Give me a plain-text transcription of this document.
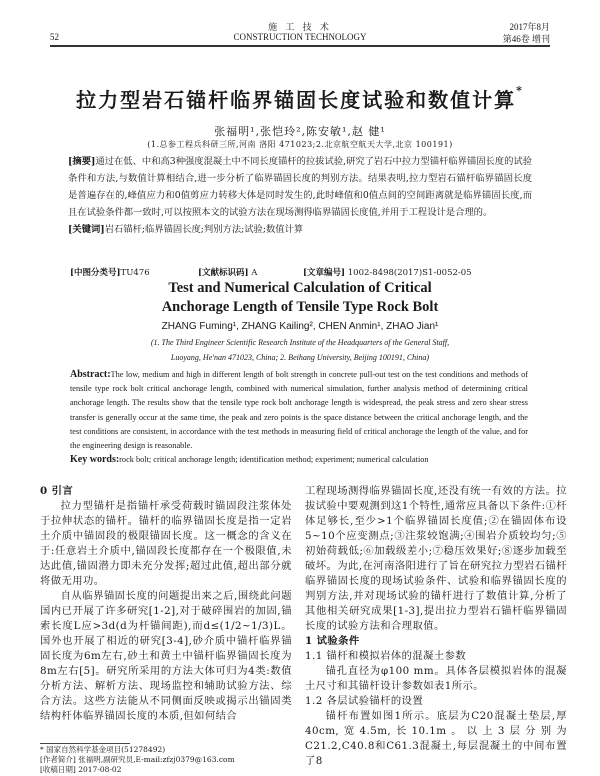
52
施 工 技 术
CONSTRUCTION TECHNOLOGY
2017年8月
第46卷 增刊
拉力型岩石锚杆临界锚固长度试验和数值计算*
张福明¹,张恺玲²,陈安敏¹,赵 健¹
(1.总参工程兵科研三所,河南 洛阳 471023;2.北京航空航天大学,北京 100191)
[摘要]通过在低、中和高3种强度混凝土中不同长度锚杆的拉拔试验,研究了岩石中拉力型锚杆临界锚固长度的试验条件和方法,与数值计算相结合,进一步分析了临界锚固长度的判别方法。结果表明,拉力型岩石锚杆临界锚固长度是普遍存在的,峰值应力和0值剪应力转移大体是同时发生的,此时峰值和0值点间的空间距离就是临界锚固长度,而且在试验条件都一致时,可以按照本文的试验方法在现场测得临界锚固长度值,并用于工程设计是合理的。
[关键词]岩石锚杆;临界锚固长度;判别方法;试验;数值计算
[中图分类号]TU476	[文献标识码] A	[文章编号] 1002-8498(2017)S1-0052-05
Test and Numerical Calculation of Critical
Anchorage Length of Tensile Type Rock Bolt
ZHANG Fuming¹, ZHANG Kailing², CHEN Anmin¹, ZHAO Jian¹
(1. The Third Engineer Scientific Research Institute of the Headquarters of the General Staff,
Luoyang, He'nan 471023, China; 2. Beihang University, Beijing 100191, China)
Abstract:The low, medium and high in different length of bolt strength in concrete pull-out test on the test conditions and methods of tensile type rock bolt critical anchorage length, combined with numerical simulation, further analysis method of determining critical anchorage length. The results show that the tensile type rock bolt anchorage length is widespread, the peak stress and zero shear stress transfer is generally occur at the same time, the peak and zero points is the space distance between the critical anchorage length, and the test conditions are consistent, in accordance with the test methods in measuring field of critical anchorage the length of the value, and for the engineering design is reasonable.
Key words:rock bolt; critical anchorage length; identification method; experiment; numerical calculation
0 引言

拉力型锚杆是指锚杆承受荷载时锚固段注浆体处于拉伸状态的锚杆。锚杆的临界锚固长度是指一定岩土介质中锚固段的极限锚固长度。这一概念的含义在于:任意岩土介质中,锚固段长度都存在一个极限值,未达此值,锚固潜力即未充分发挥;超过此值,超出部分就将做无用功。

自从临界锚固长度的问题提出来之后,围绕此问题国内已开展了许多研究[1-2],对于破碎围岩的加固,锚索长度L应>3d(d为杆锚间距),而d≤(1/2~1/3)L。国外也开展了相近的研究[3-4],砂介质中锚杆临界锚固长度为6m左右,砂土和黄土中锚杆临界锚固长度为8m左右[5]。研究所采用的方法大体可归为4类:数值分析方法、解析方法、现场监控和辅助试验方法、综合方法。这些方法能从不同侧面反映或揭示出锚固类结构杆体临界锚固长度的本质,但如何结合

工程现场测得临界锚固长度,还没有统一有效的方法。拉拔试验中要观测到这1个特性,通常应具备以下条件:①杆体足够长,至少>1个临界锚固长度值;②在锚固体布设5~10个应变测点;③注浆较饱满;④围岩介质较均匀;⑤初始荷载低;⑥加载级差小;⑦稳压效果好;⑧逐步加载至破坏。为此,在河南洛阳进行了旨在研究拉力型岩石锚杆临界锚固长度的现场试验条件、试验和临界锚固长度的判别方法,并对现场试验的锚杆进行了数值计算,分析了其他相关研究成果[1-3],提出拉力型岩石锚杆临界锚固长度的试验方法和合理取值。

1 试验条件
1.1 锚杆和模拟岩体的混凝土参数

锚孔直径为φ100 mm。具体各层模拟岩体的混凝土尺寸和其锚杆设计参数如表1所示。

1.2 各层试验锚杆的设置

锚杆布置如图1所示。底层为C20混凝土垫层,厚40cm,宽4.5m,长10.1m。以上3层分别为C21.2,C40.8和C61.3混凝土,每层混凝土的中间布置了8

* 国家自然科学基金项目(51278492)
[作者简介] 张福明,副研究员,E-mail:zfzj0379@163.com
[收稿日期] 2017-08-02
